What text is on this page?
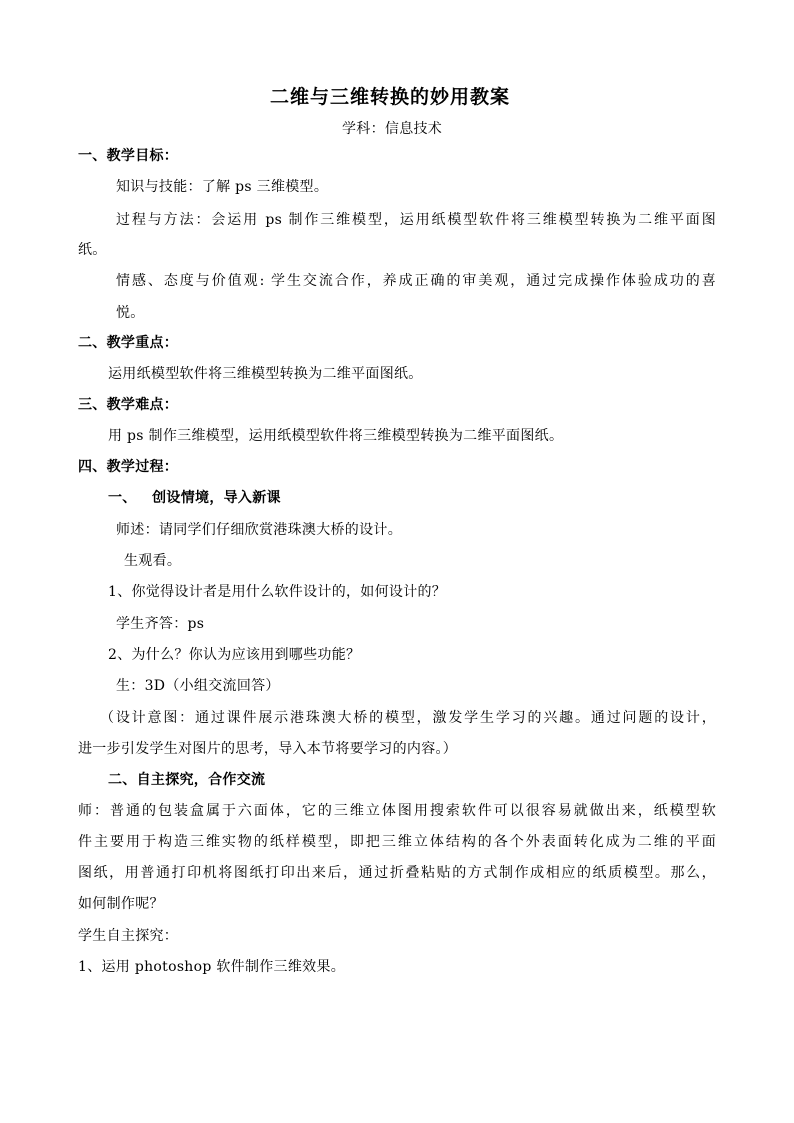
二维与三维转换的妙用教案
学科：信息技术
一、教学目标：
知识与技能：了解 ps 三维模型。
过程与方法：会运用 ps 制作三维模型，运用纸模型软件将三维模型转换为二维平面图
纸。
情感、态度与价值观: 学生交流合作，养成正确的审美观，通过完成操作体验成功的喜
悦。
二、教学重点：
运用纸模型软件将三维模型转换为二维平面图纸。
三、教学难点：
用 ps 制作三维模型，运用纸模型软件将三维模型转换为二维平面图纸。
四、教学过程：
一、   创设情境，导入新课
师述：请同学们仔细欣赏港珠澳大桥的设计。
生观看。
1、你觉得设计者是用什么软件设计的，如何设计的？
学生齐答：ps
2、为什么？你认为应该用到哪些功能？
生：3D（小组交流回答）
（设计意图：通过课件展示港珠澳大桥的模型，激发学生学习的兴趣。通过问题的设计，
进一步引发学生对图片的思考，导入本节将要学习的内容。）
二、自主探究，合作交流
师：普通的包装盒属于六面体，它的三维立体图用搜索软件可以很容易就做出来，纸模型软
件主要用于构造三维实物的纸样模型，即把三维立体结构的各个外表面转化成为二维的平面
图纸，用普通打印机将图纸打印出来后，通过折叠粘贴的方式制作成相应的纸质模型。那么，
如何制作呢？
学生自主探究：
1、运用 photoshop 软件制作三维效果。
